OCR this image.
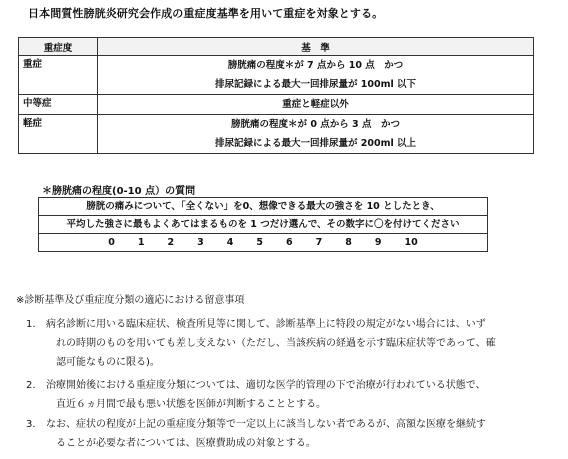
日本間質性膀胱炎研究会作成の重症度基準を用いて重症を対象とする。
重症度	基　準
重症	膀胱痛の程度＊が 7 点から 10 点　かつ
排尿記録による最大一回排尿量が 100ml 以下

中等症	重症と軽症以外

軽症	膀胱痛の程度＊が 0 点から 3 点　かつ
排尿記録による最大一回排尿量が 200ml 以上
＊膀胱痛の程度(0-10 点）の質問
膀胱の痛みについて、「全くない」を0、想像できる最大の強さを 10 としたとき、
平均した強さに最もよくあてはまるものを 1 つだけ選んで、その数字に〇を付けてください

0 1 2 3 4 5 6 7 8 9 10
※診断基準及び重症度分類の適応における留意事項
1.	病名診断に用いる臨床症状、検査所見等に関して、診断基準上に特段の規定がない場合には、いず
れの時期のものを用いても差し支えない（ただし、当該疾病の経過を示す臨床症状等であって、確
認可能なものに限る)。
2.	治療開始後における重症度分類については、適切な医学的管理の下で治療が行われている状態で、
直近６ヵ月間で最も悪い状態を医師が判断することとする。
3.	なお、症状の程度が上記の重症度分類等で一定以上に該当しない者であるが、高額な医療を継続す
ることが必要な者については、医療費助成の対象とする。
